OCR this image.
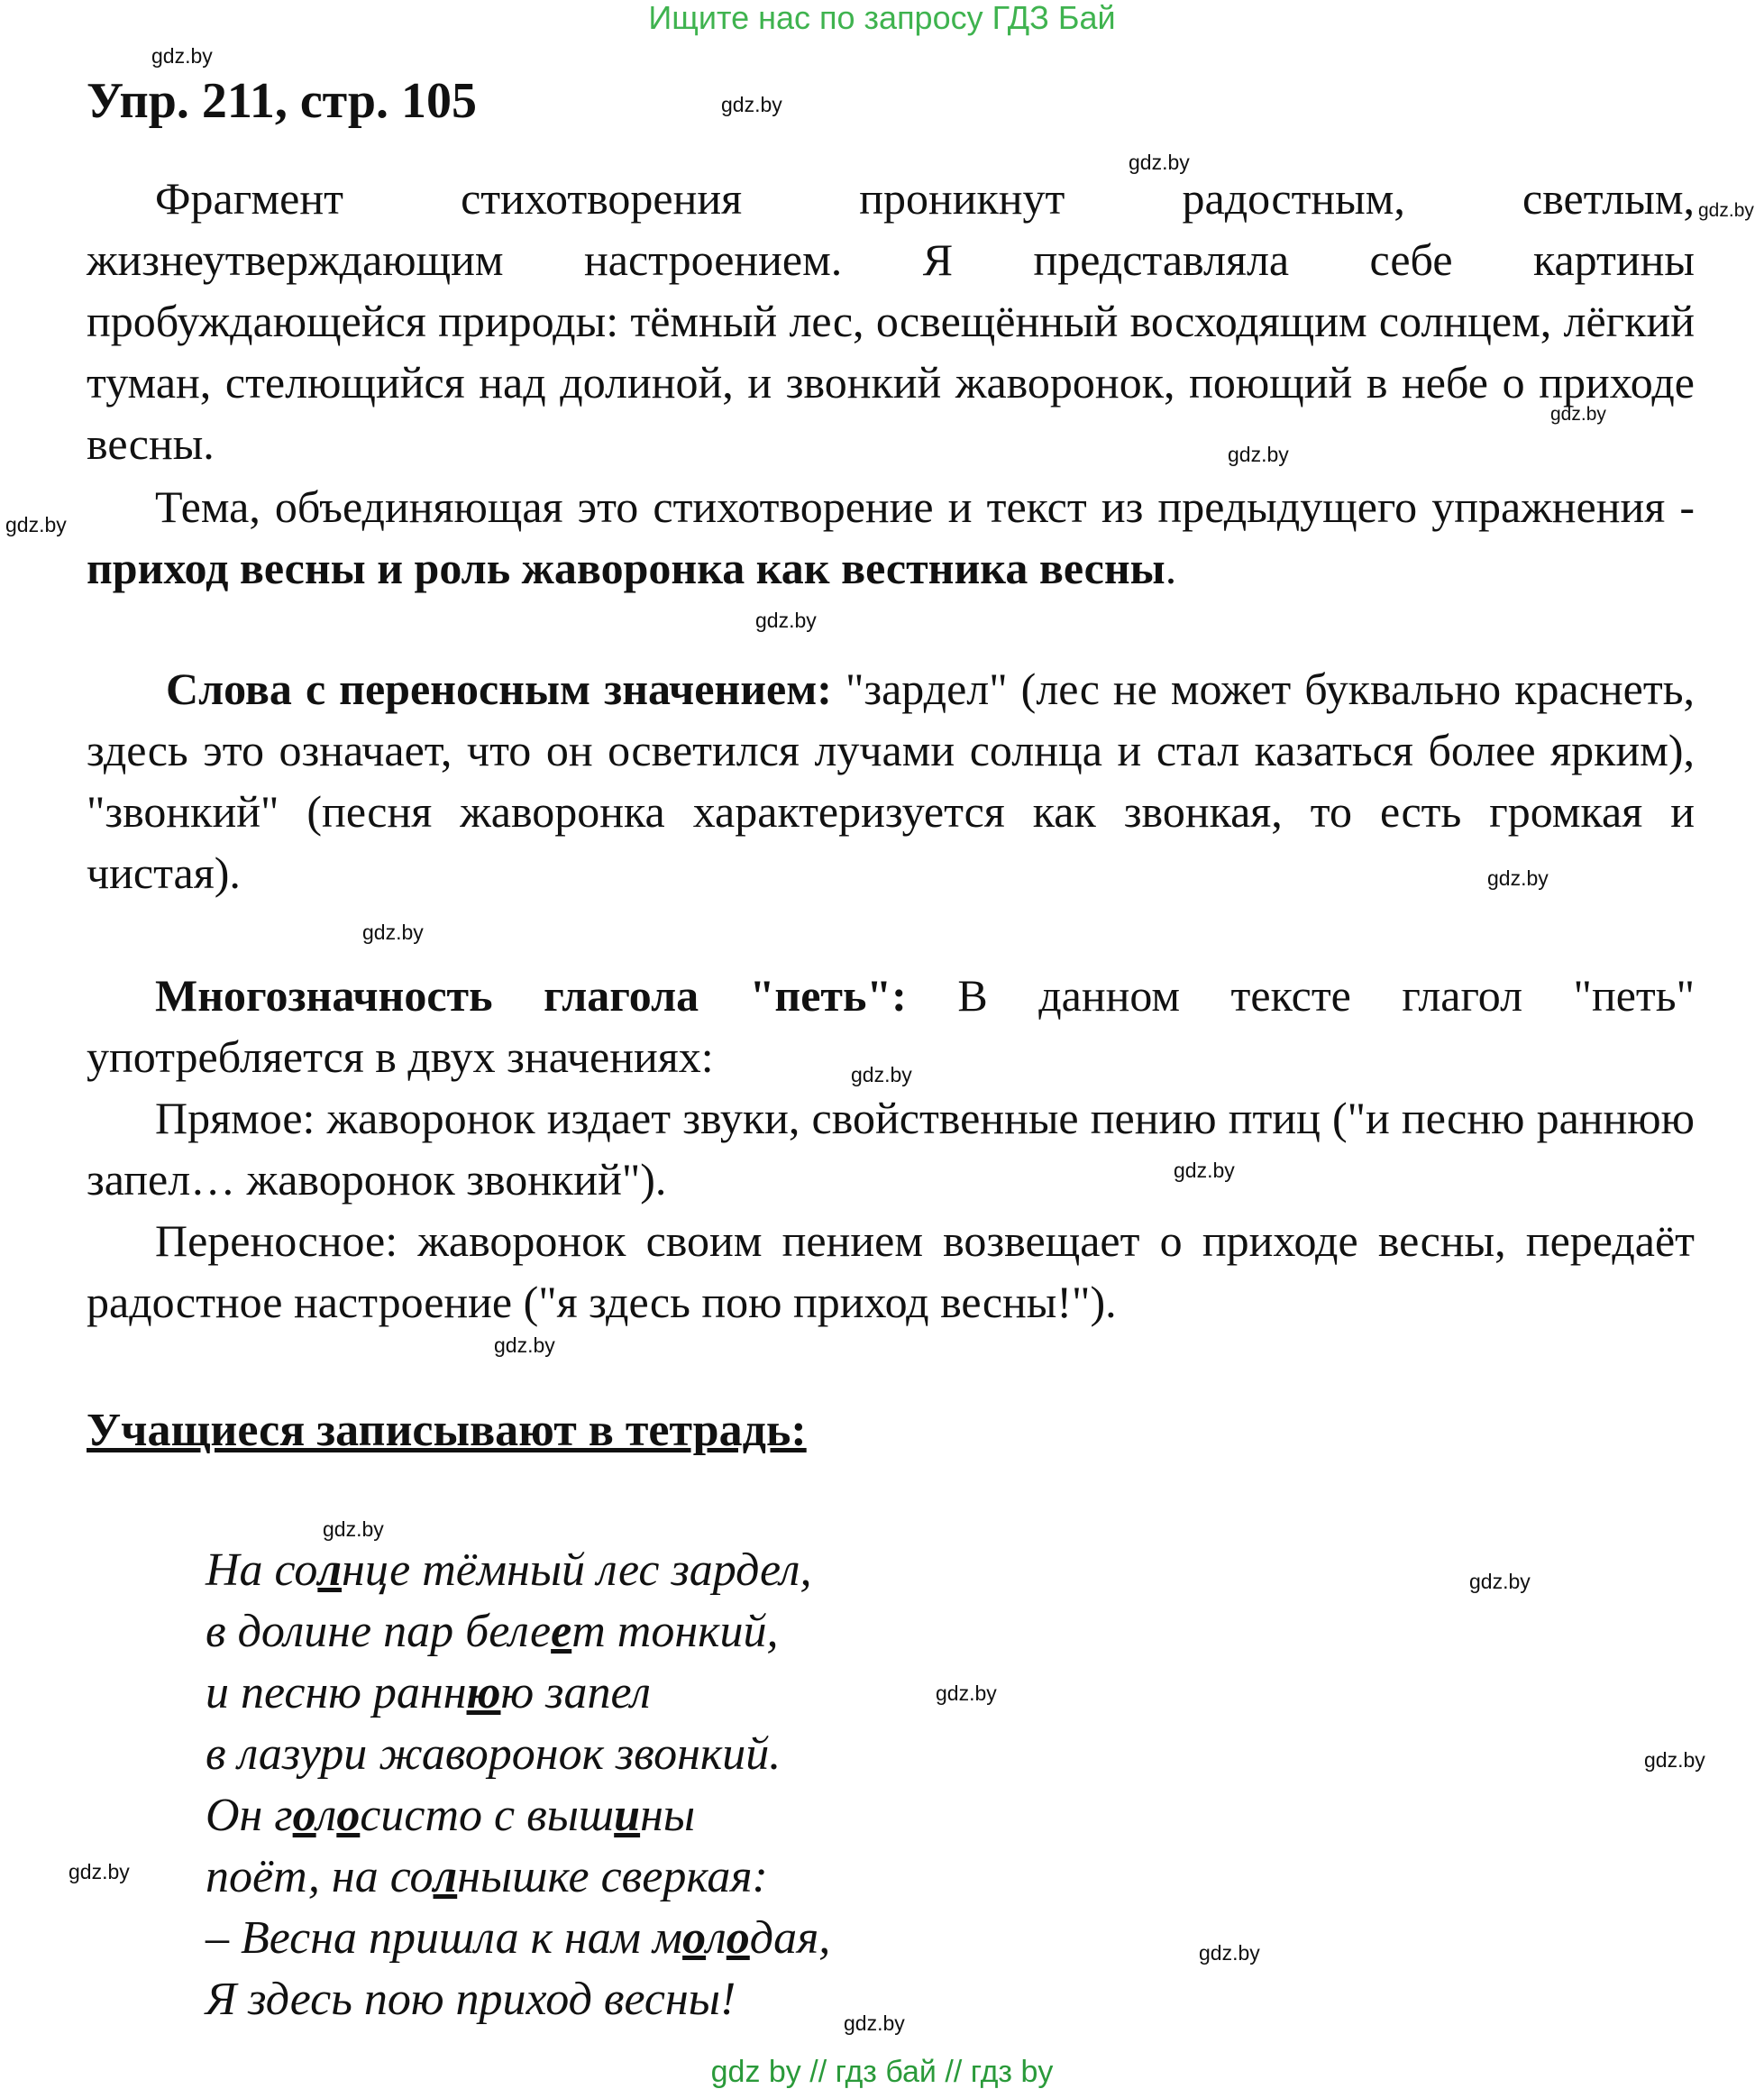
Ищите нас по запросу ГДЗ Бай
gdz.by
Упр. 211, стр. 105	gdz.by
gdz.by
gdz.by
Фрагмент стихотворения проникнут радостным, светлым, жизнеутверждающим настроением. Я представляла себе картины пробуждающейся природы: тёмный лес, освещённый восходящим солнцем, лёгкий туман, стелющийся над долиной, и звонкий жаворонок, поющий в небе о приходе весны.
gdz.by
gdz.by
gdz.by	Тема, объединяющая это стихотворение и текст из предыдущего упражнения - приход весны и роль жаворонка как вестника весны.
gdz.by
Слова с переносным значением: "зардел" (лес не может буквально краснеть, здесь это означает, что он осветился лучами солнца и стал казаться более ярким), "звонкий" (песня жаворонка характеризуется как звонкая, то есть громкая и чистая).	gdz.by
gdz.by
Многозначность глагола "петь": В данном тексте глагол "петь" употребляется в двух значениях:	gdz.by
Прямое: жаворонок издает звуки, свойственные пению птиц ("и песню раннюю запел… жаворонок звонкий").	gdz.by
Переносное: жаворонок своим пением возвещает о приходе весны, передаёт радостное настроение ("я здесь пою приход весны!").
gdz.by
Учащиеся записывают в тетрадь:
gdz.by
gdz.by
gdz.by
gdz.by
gdz.by
gdz.by
gdz.by
На солнце тёмный лес зардел,
в долине пар белеет тонкий,
и песню раннюю запел
в лазури жаворонок звонкий.
Он голосисто с вышины
поёт, на солнышке сверкая:
– Весна пришла к нам молодая,
Я здесь пою приход весны!
gdz by // гдз бай // гдз by
